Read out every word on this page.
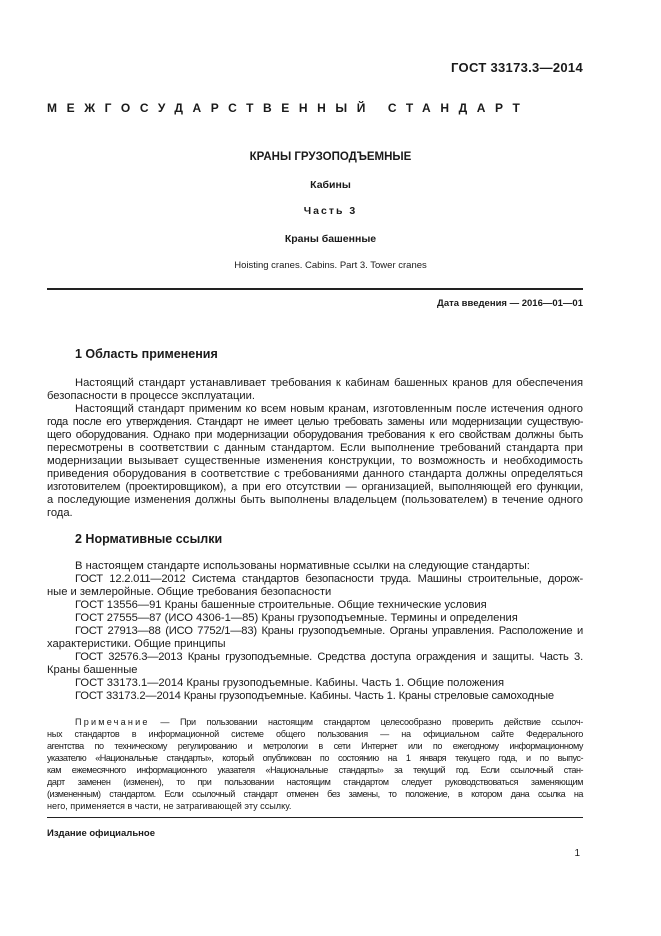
ГОСТ 33173.3—2014
МЕЖГОСУДАРСТВЕННЫЙ СТАНДАРТ
КРАНЫ ГРУЗОПОДЪЕМНЫЕ
Кабины
Часть 3
Краны башенные
Hoisting cranes. Cabins. Part 3. Tower cranes
Дата введения — 2016—01—01
1 Область применения
Настоящий стандарт устанавливает требования к кабинам башенных кранов для обеспечения
безопасности в процессе эксплуатации.
Настоящий стандарт применим ко всем новым кранам, изготовленным после истечения одного
года после его утверждения. Стандарт не имеет целью требовать замены или модернизации существую-
щего оборудования. Однако при модернизации оборудования требования к его свойствам должны быть
пересмотрены в соответствии с данным стандартом. Если выполнение требований стандарта при
модернизации вызывает существенные изменения конструкции, то возможность и необходимость
приведения оборудования в соответствие с требованиями данного стандарта должны определяться
изготовителем (проектировщиком), а при его отсутствии — организацией, выполняющей его функции,
а последующие изменения должны быть выполнены владельцем (пользователем) в течение одного
года.
2 Нормативные ссылки
В настоящем стандарте использованы нормативные ссылки на следующие стандарты:
ГОСТ 12.2.011—2012 Система стандартов безопасности труда. Машины строительные, дорож-
ные и землеройные. Общие требования безопасности
ГОСТ 13556—91 Краны башенные строительные. Общие технические условия
ГОСТ 27555—87 (ИСО 4306-1—85) Краны грузоподъемные. Термины и определения
ГОСТ 27913—88 (ИСО 7752/1—83) Краны грузоподъемные. Органы управления. Расположение и
характеристики. Общие принципы
ГОСТ 32576.3—2013 Краны грузоподъемные. Средства доступа ограждения и защиты. Часть 3.
Краны башенные
ГОСТ 33173.1—2014 Краны грузоподъемные. Кабины. Часть 1. Общие положения
ГОСТ 33173.2—2014 Краны грузоподъемные. Кабины. Часть 1. Краны стреловые самоходные
Примечание — При пользовании настоящим стандартом целесообразно проверить действие ссылоч-
ных стандартов в информационной системе общего пользования — на официальном сайте Федерального
агентства по техническому регулированию и метрологии в сети Интернет или по ежегодному информационному
указателю «Национальные стандарты», который опубликован по состоянию на 1 января текущего года, и по выпус-
кам ежемесячного информационного указателя «Национальные стандарты» за текущий год. Если ссылочный стан-
дарт заменен (изменен), то при пользовании настоящим стандартом следует руководствоваться заменяющим
(измененным) стандартом. Если ссылочный стандарт отменен без замены, то положение, в котором дана ссылка на
него, применяется в части, не затрагивающей эту ссылку.
Издание официальное
1
